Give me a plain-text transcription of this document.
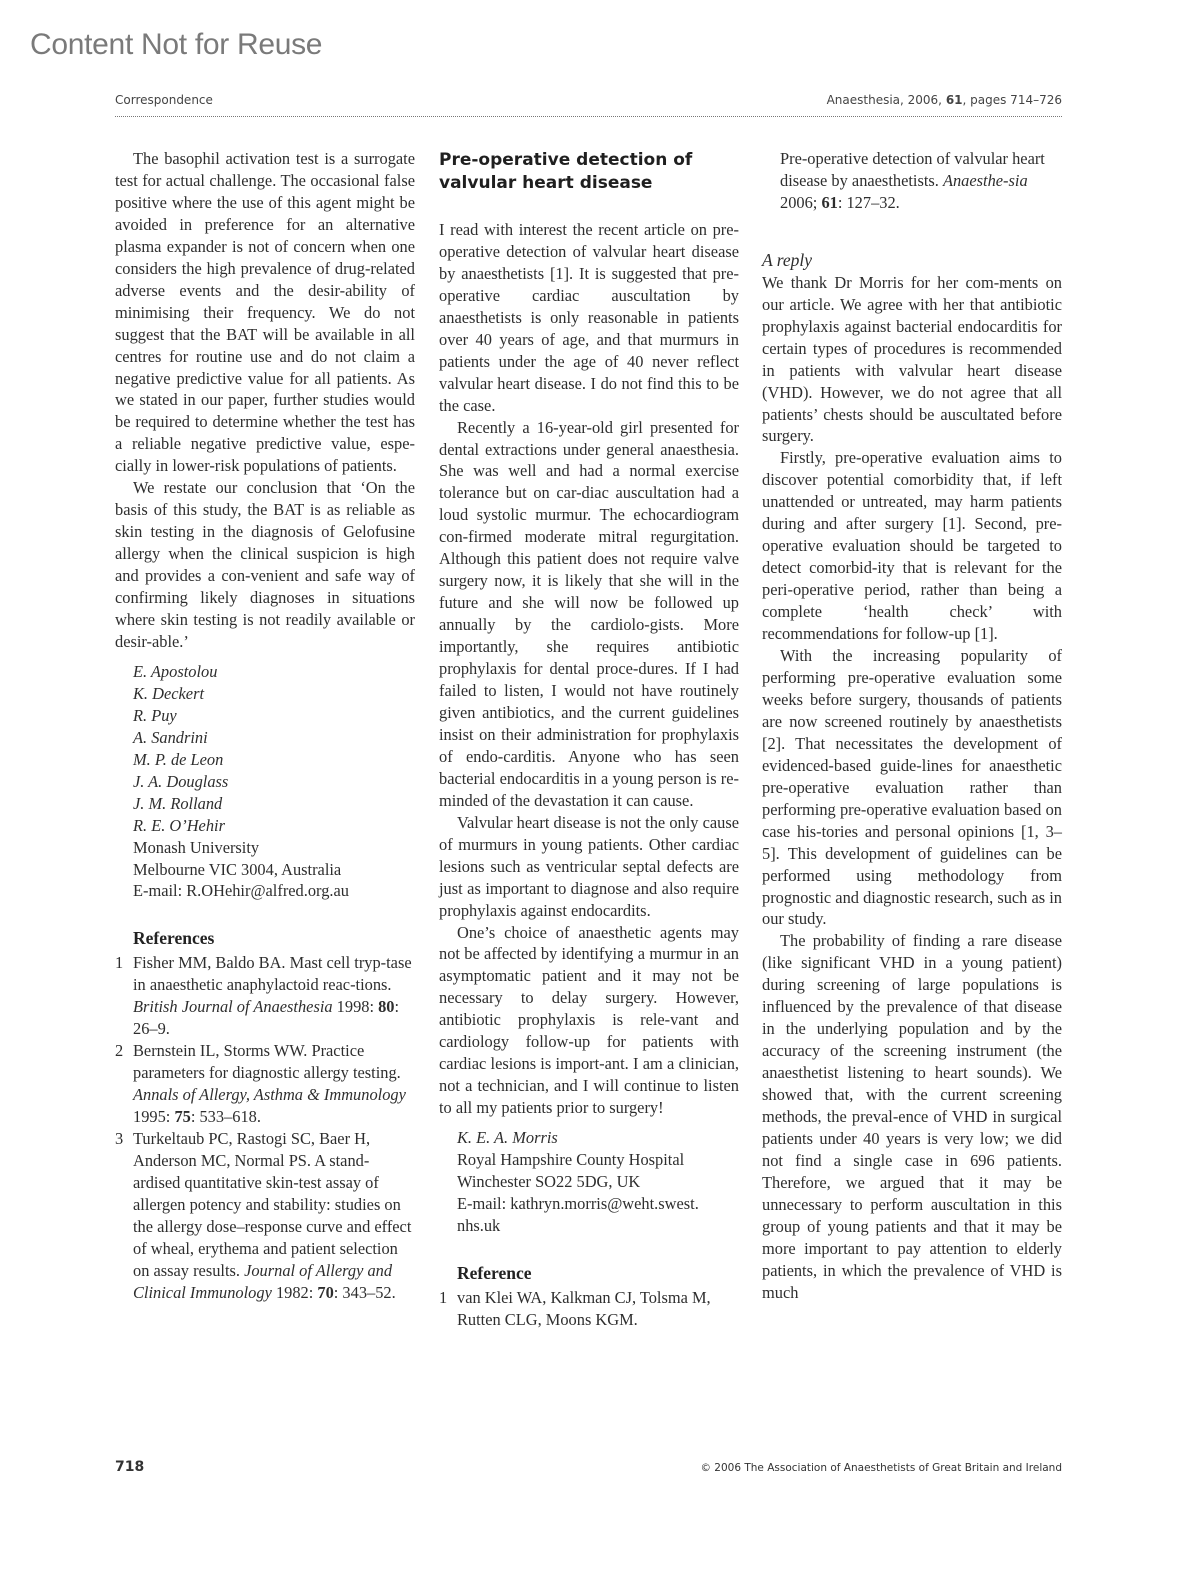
Content Not for Reuse
Correspondence	Anaesthesia, 2006, 61, pages 714–726

The basophil activation test is a surrogate test for actual challenge. The occasional false positive where the use of this agent might be avoided in preference for an alternative plasma expander is not of concern when one considers the high prevalence of drug-related adverse events and the desir-ability of minimising their frequency. We do not suggest that the BAT will be available in all centres for routine use and do not claim a negative predictive value for all patients. As we stated in our paper, further studies would be required to determine whether the test has a reliable negative predictive value, espe-cially in lower-risk populations of patients.

We restate our conclusion that ‘On the basis of this study, the BAT is as reliable as skin testing in the diagnosis of Gelofusine allergy when the clinical suspicion is high and provides a con-venient and safe way of confirming likely diagnoses in situations where skin testing is not readily available or desir-able.’

E. Apostolou
K. Deckert
R. Puy
A. Sandrini
M. P. de Leon
J. A. Douglass
J. M. Rolland
R. E. O’Hehir
Monash University
Melbourne VIC 3004, Australia
E-mail: R.OHehir@alfred.org.au
References
1 Fisher MM, Baldo BA. Mast cell tryp-tase in anaesthetic anaphylactoid reac-tions. British Journal of Anaesthesia 1998: 80: 26–9.
2 Bernstein IL, Storms WW. Practice parameters for diagnostic allergy testing. Annals of Allergy, Asthma & Immunology 1995: 75: 533–618.
3 Turkeltaub PC, Rastogi SC, Baer H, Anderson MC, Normal PS. A stand-ardised quantitative skin-test assay of allergen potency and stability: studies on the allergy dose–response curve and effect of wheal, erythema and patient selection on assay results. Journal of Allergy and Clinical Immunology 1982: 70: 343–52.
Pre-operative detection of valvular heart disease

I read with interest the recent article on pre-operative detection of valvular heart disease by anaesthetists [1]. It is suggested that pre-operative cardiac auscultation by anaesthetists is only reasonable in patients over 40 years of age, and that murmurs in patients under the age of 40 never reflect valvular heart disease. I do not find this to be the case.

Recently a 16-year-old girl presented for dental extractions under general anaesthesia. She was well and had a normal exercise tolerance but on car-diac auscultation had a loud systolic murmur. The echocardiogram con-firmed moderate mitral regurgitation. Although this patient does not require valve surgery now, it is likely that she will in the future and she will now be followed up annually by the cardiolo-gists. More importantly, she requires antibiotic prophylaxis for dental proce-dures. If I had failed to listen, I would not have routinely given antibiotics, and the current guidelines insist on their administration for prophylaxis of endo-carditis. Anyone who has seen bacterial endocarditis in a young person is re-minded of the devastation it can cause.

Valvular heart disease is not the only cause of murmurs in young patients. Other cardiac lesions such as ventricular septal defects are just as important to diagnose and also require prophylaxis against endocardits.

One’s choice of anaesthetic agents may not be affected by identifying a murmur in an asymptomatic patient and it may not be necessary to delay surgery. However, antibiotic prophylaxis is rele-vant and cardiology follow-up for patients with cardiac lesions is import-ant. I am a clinician, not a technician, and I will continue to listen to all my patients prior to surgery!

K. E. A. Morris
Royal Hampshire County Hospital
Winchester SO22 5DG, UK
E-mail: kathryn.morris@weht.swest.
nhs.uk
Reference
1 van Klei WA, Kalkman CJ, Tolsma M, Rutten CLG, Moons KGM.
Pre-operative detection of valvular heart disease by anaesthetists. Anaesthe-sia 2006; 61: 127–32.
A reply

We thank Dr Morris for her com-ments on our article. We agree with her that antibiotic prophylaxis against bacterial endocarditis for certain types of procedures is recommended in patients with valvular heart disease (VHD). However, we do not agree that all patients’ chests should be auscultated before surgery.

Firstly, pre-operative evaluation aims to discover potential comorbidity that, if left unattended or untreated, may harm patients during and after surgery [1]. Second, pre-operative evaluation should be targeted to detect comorbid-ity that is relevant for the peri-operative period, rather than being a complete ‘health check’ with recommendations for follow-up [1].

With the increasing popularity of performing pre-operative evaluation some weeks before surgery, thousands of patients are now screened routinely by anaesthetists [2]. That necessitates the development of evidenced-based guide-lines for anaesthetic pre-operative evaluation rather than performing pre-operative evaluation based on case his-tories and personal opinions [1, 3–5]. This development of guidelines can be performed using methodology from prognostic and diagnostic research, such as in our study.

The probability of finding a rare disease (like significant VHD in a young patient) during screening of large populations is influenced by the prevalence of that disease in the underlying population and by the accuracy of the screening instrument (the anaesthetist listening to heart sounds). We showed that, with the current screening methods, the preval-ence of VHD in surgical patients under 40 years is very low; we did not find a single case in 696 patients. Therefore, we argued that it may be unnecessary to perform auscultation in this group of young patients and that it may be more important to pay attention to elderly patients, in which the prevalence of VHD is much

718	© 2006 The Association of Anaesthetists of Great Britain and Ireland
